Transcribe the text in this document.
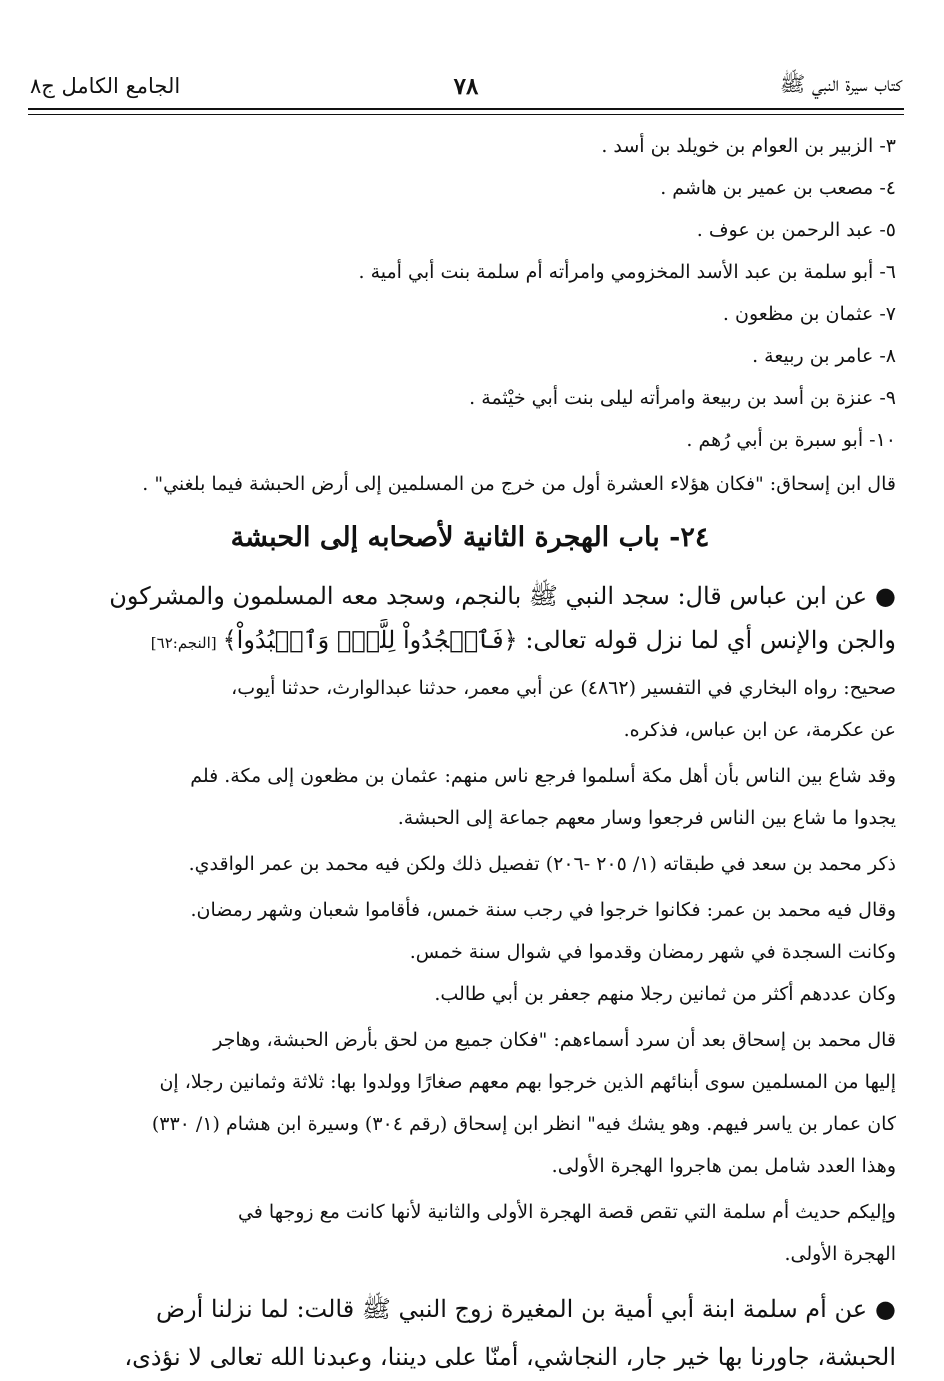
كتاب سيرة النبي ﷺ
٧٨
الجامع الكامل ج٨
٣- الزبير بن العوام بن خويلد بن أسد .
٤- مصعب بن عمير بن هاشم .
٥- عبد الرحمن بن عوف .
٦- أبو سلمة بن عبد الأسد المخزومي وامرأته أم سلمة بنت أبي أمية .
٧- عثمان بن مظعون .
٨- عامر بن ربيعة .
٩- عنزة بن أسد بن ربيعة وامرأته ليلى بنت أبي خيْثمة .
١٠- أبو سبرة بن أبي رُهم .
قال ابن إسحاق: "فكان هؤلاء العشرة أول من خرج من المسلمين إلى أرض الحبشة فيما بلغني" .
٢٤- باب الهجرة الثانية لأصحابه إلى الحبشة
●عن ابن عباس قال: سجد النبي ﷺ بالنجم، وسجد معه المسلمون والمشركون
والجن والإنس أي لما نزل قوله تعالى: ﴿فَٱسۡجُدُواْ لِلَّهِۤ وَٱعۡبُدُواْ﴾[النجم:٦٢]
صحيح: رواه البخاري في التفسير (٤٨٦٢) عن أبي معمر، حدثنا عبدالوارث، حدثنا أيوب،
عن عكرمة، عن ابن عباس، فذكره.
وقد شاع بين الناس بأن أهل مكة أسلموا فرجع ناس منهم: عثمان بن مظعون إلى مكة. فلم
يجدوا ما شاع بين الناس فرجعوا وسار معهم جماعة إلى الحبشة.
ذكر محمد بن سعد في طبقاته (١/ ٢٠٥ -٢٠٦) تفصيل ذلك ولكن فيه محمد بن عمر الواقدي.
وقال فيه محمد بن عمر: فكانوا خرجوا في رجب سنة خمس، فأقاموا شعبان وشهر رمضان.
وكانت السجدة في شهر رمضان وقدموا في شوال سنة خمس.
وكان عددهم أكثر من ثمانين رجلا منهم جعفر بن أبي طالب.
قال محمد بن إسحاق بعد أن سرد أسماءهم: "فكان جميع من لحق بأرض الحبشة، وهاجر
إليها من المسلمين سوى أبنائهم الذين خرجوا بهم معهم صغارًا وولدوا بها: ثلاثة وثمانين رجلا، إن
كان عمار بن ياسر فيهم. وهو يشك فيه" انظر ابن إسحاق (رقم ٣٠٤) وسيرة ابن هشام (١/ ٣٣٠)
وهذا العدد شامل بمن هاجروا الهجرة الأولى.
وإليكم حديث أم سلمة التي تقص قصة الهجرة الأولى والثانية لأنها كانت مع زوجها في
الهجرة الأولى.
●عن أم سلمة ابنة أبي أمية بن المغيرة زوج النبي ﷺ قالت: لما نزلنا أرض
الحبشة، جاورنا بها خير جار، النجاشي، أمنّا على ديننا، وعبدنا الله تعالى لا نؤذى،
